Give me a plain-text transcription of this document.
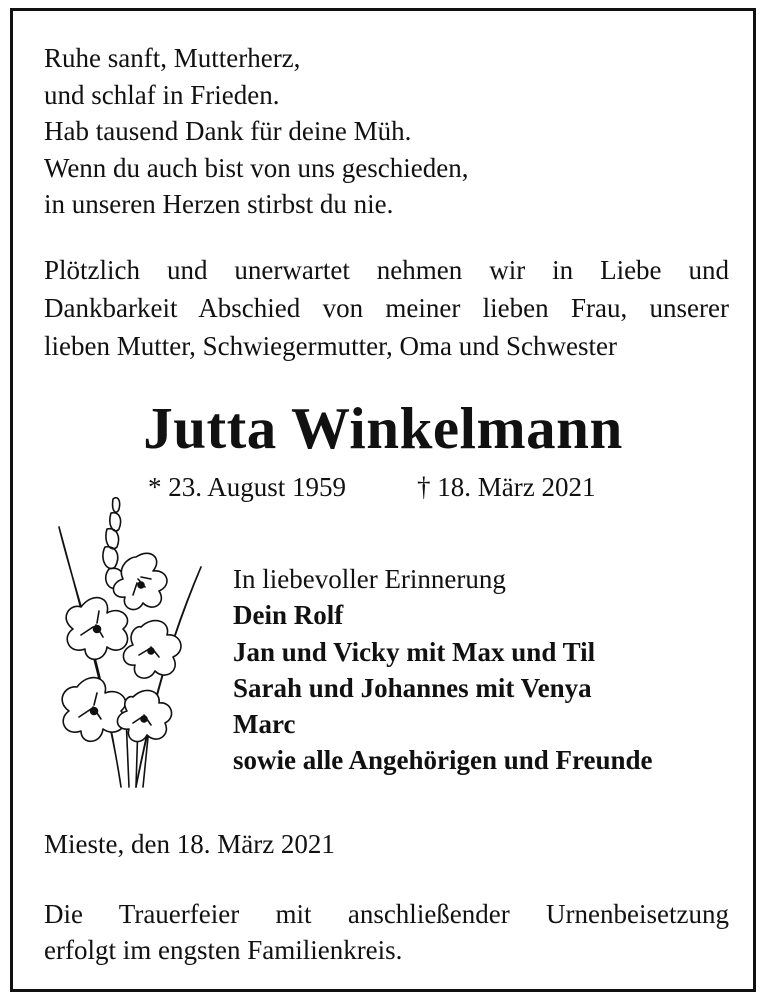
Ruhe sanft, Mutterherz,
und schlaf in Frieden.
Hab tausend Dank für deine Müh.
Wenn du auch bist von uns geschieden,
in unseren Herzen stirbst du nie.
Plötzlich und unerwartet nehmen wir in Liebe und
Dankbarkeit Abschied von meiner lieben Frau, unserer
lieben Mutter, Schwiegermutter, Oma und Schwester
Jutta Winkelmann
* 23. August 1959	† 18. März 2021
In liebevoller Erinnerung
Dein Rolf
Jan und Vicky mit Max und Til
Sarah und Johannes mit Venya
Marc
sowie alle Angehörigen und Freunde
Mieste, den 18. März 2021
Die Trauerfeier mit anschließender Urnenbeisetzung
erfolgt im engsten Familienkreis.
